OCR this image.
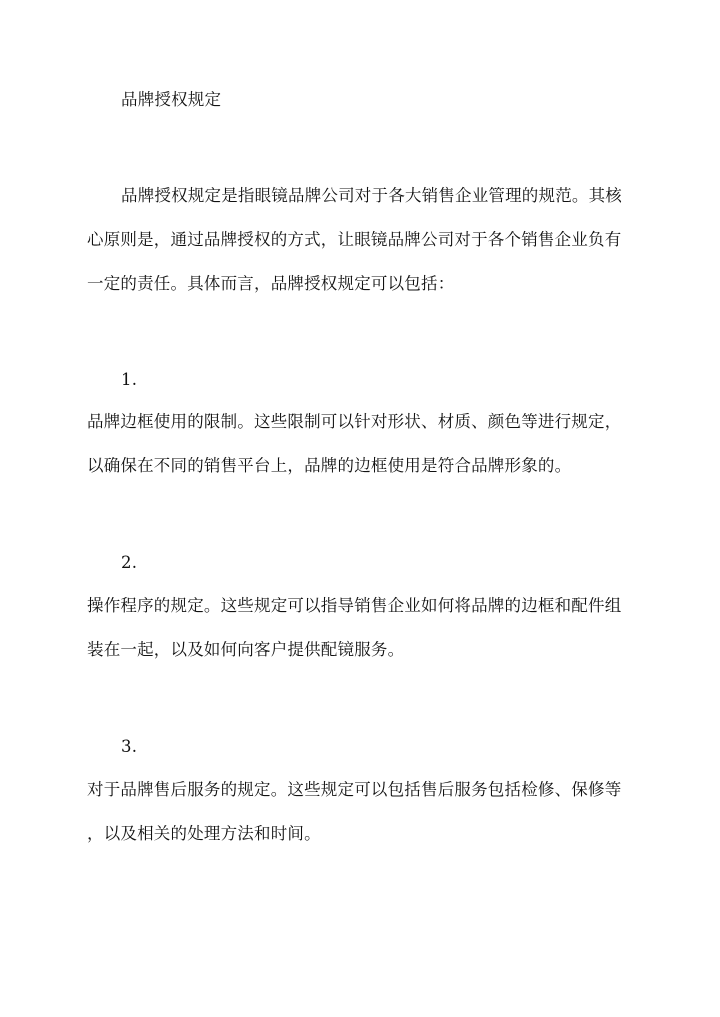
品牌授权规定
品牌授权规定是指眼镜品牌公司对于各大销售企业管理的规范。其核
心原则是，通过品牌授权的方式，让眼镜品牌公司对于各个销售企业负有
一定的责任。具体而言，品牌授权规定可以包括：
1.
品牌边框使用的限制。这些限制可以针对形状、材质、颜色等进行规定，
以确保在不同的销售平台上，品牌的边框使用是符合品牌形象的。
2.
操作程序的规定。这些规定可以指导销售企业如何将品牌的边框和配件组
装在一起，以及如何向客户提供配镜服务。
3.
对于品牌售后服务的规定。这些规定可以包括售后服务包括检修、保修等
，以及相关的处理方法和时间。
